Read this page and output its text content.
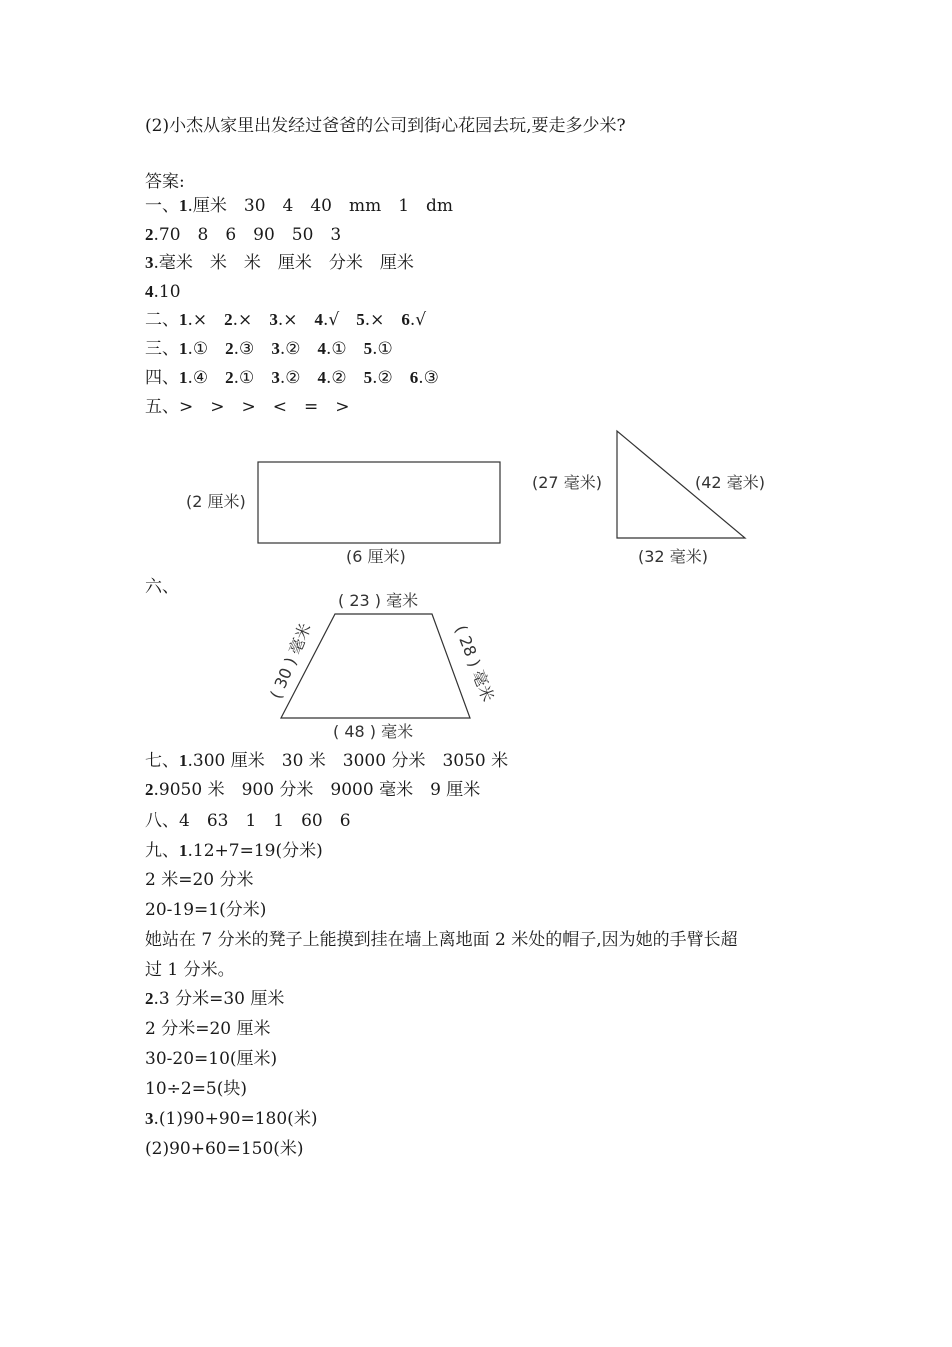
(2)小杰从家里出发经过爸爸的公司到街心花园去玩,要走多少米?
答案:
一、1.厘米　30　4　40　mm　1　dm
2.70　8　6　90　50　3
3.毫米　米　米　厘米　分米　厘米
4.10
二、1.×　2.×　3.×　4.√　5.×　6.√
三、1.①　2.③　3.②　4.①　5.①
四、1.④　2.①　3.②　4.②　5.②　6.③
五、>　>　>　<　=　>
(2 厘米)
(6 厘米)
(27 毫米)	(42 毫米)
(32 毫米)
( 23 ) 毫米
( 48 ) 毫米
( 30 ) 毫米	( 28 ) 毫米
六、
七、1.300 厘米　30 米　3000 分米　3050 米
2.9050 米　900 分米　9000 毫米　9 厘米
八、4　63　1　1　60　6
九、1.12+7=19(分米)
2 米=20 分米
20-19=1(分米)
她站在 7 分米的凳子上能摸到挂在墙上离地面 2 米处的帽子,因为她的手臂长超
过 1 分米。
2.3 分米=30 厘米
2 分米=20 厘米
30-20=10(厘米)
10÷2=5(块)
3.(1)90+90=180(米)
(2)90+60=150(米)
